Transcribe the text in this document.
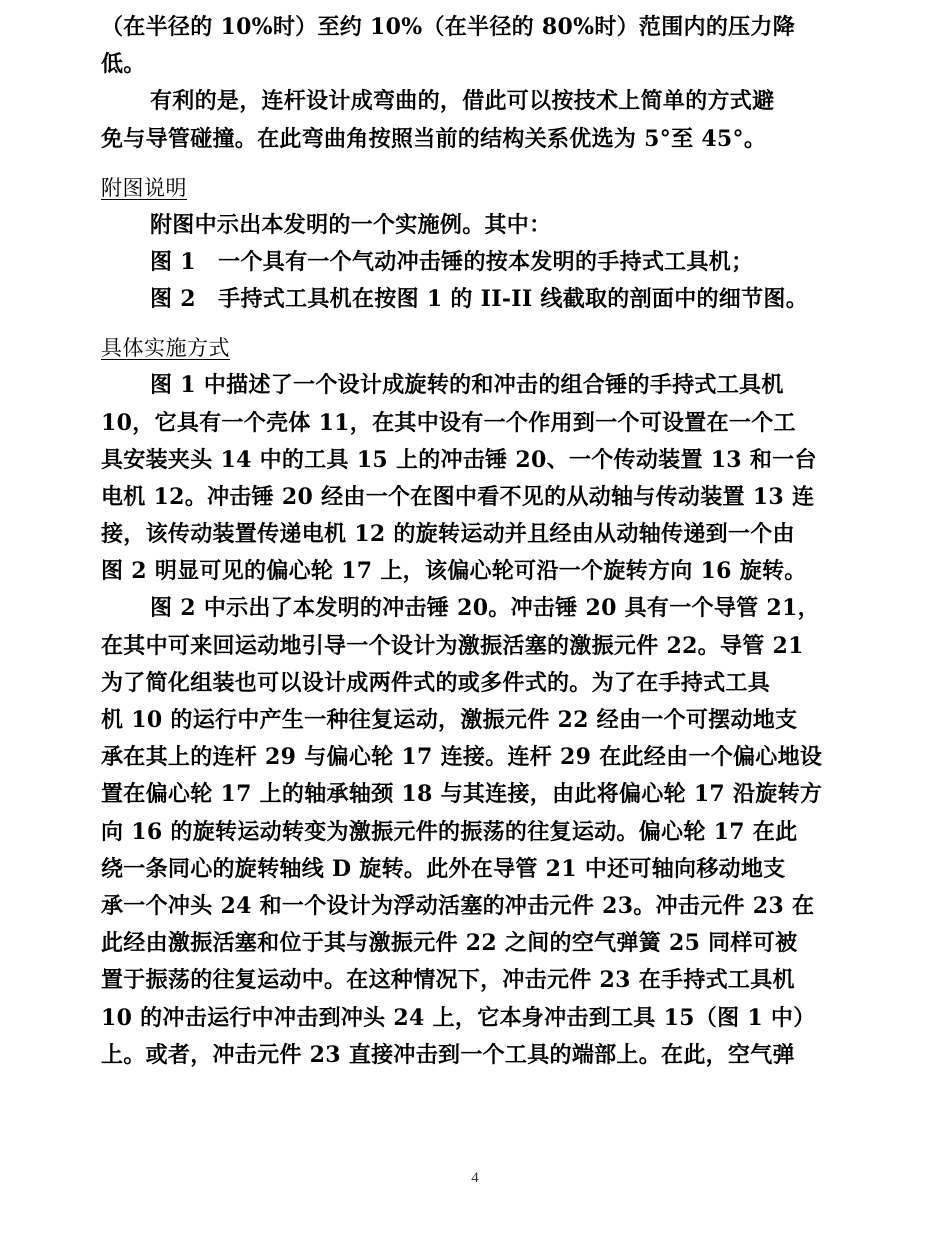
（在半径的 10%时）至约 10%（在半径的 80%时）范围内的压力降
低。
有利的是，连杆设计成弯曲的，借此可以按技术上简单的方式避
免与导管碰撞。在此弯曲角按照当前的结构关系优选为 5°至 45°。
附图说明
附图中示出本发明的一个实施例。其中：
图 1　一个具有一个气动冲击锤的按本发明的手持式工具机；
图 2　手持式工具机在按图 1 的 II-II 线截取的剖面中的细节图。
具体实施方式
图 1 中描述了一个设计成旋转的和冲击的组合锤的手持式工具机
10，它具有一个壳体 11，在其中设有一个作用到一个可设置在一个工
具安装夹头 14 中的工具 15 上的冲击锤 20、一个传动装置 13 和一台
电机 12。冲击锤 20 经由一个在图中看不见的从动轴与传动装置 13 连
接，该传动装置传递电机 12 的旋转运动并且经由从动轴传递到一个由
图 2 明显可见的偏心轮 17 上，该偏心轮可沿一个旋转方向 16 旋转。
图 2 中示出了本发明的冲击锤 20。冲击锤 20 具有一个导管 21，
在其中可来回运动地引导一个设计为激振活塞的激振元件 22。导管 21
为了简化组装也可以设计成两件式的或多件式的。为了在手持式工具
机 10 的运行中产生一种往复运动，激振元件 22 经由一个可摆动地支
承在其上的连杆 29 与偏心轮 17 连接。连杆 29 在此经由一个偏心地设
置在偏心轮 17 上的轴承轴颈 18 与其连接，由此将偏心轮 17 沿旋转方
向 16 的旋转运动转变为激振元件的振荡的往复运动。偏心轮 17 在此
绕一条同心的旋转轴线 D 旋转。此外在导管 21 中还可轴向移动地支
承一个冲头 24 和一个设计为浮动活塞的冲击元件 23。冲击元件 23 在
此经由激振活塞和位于其与激振元件 22 之间的空气弹簧 25 同样可被
置于振荡的往复运动中。在这种情况下，冲击元件 23 在手持式工具机
10 的冲击运行中冲击到冲头 24 上，它本身冲击到工具 15（图 1 中）
上。或者，冲击元件 23 直接冲击到一个工具的端部上。在此，空气弹
4
